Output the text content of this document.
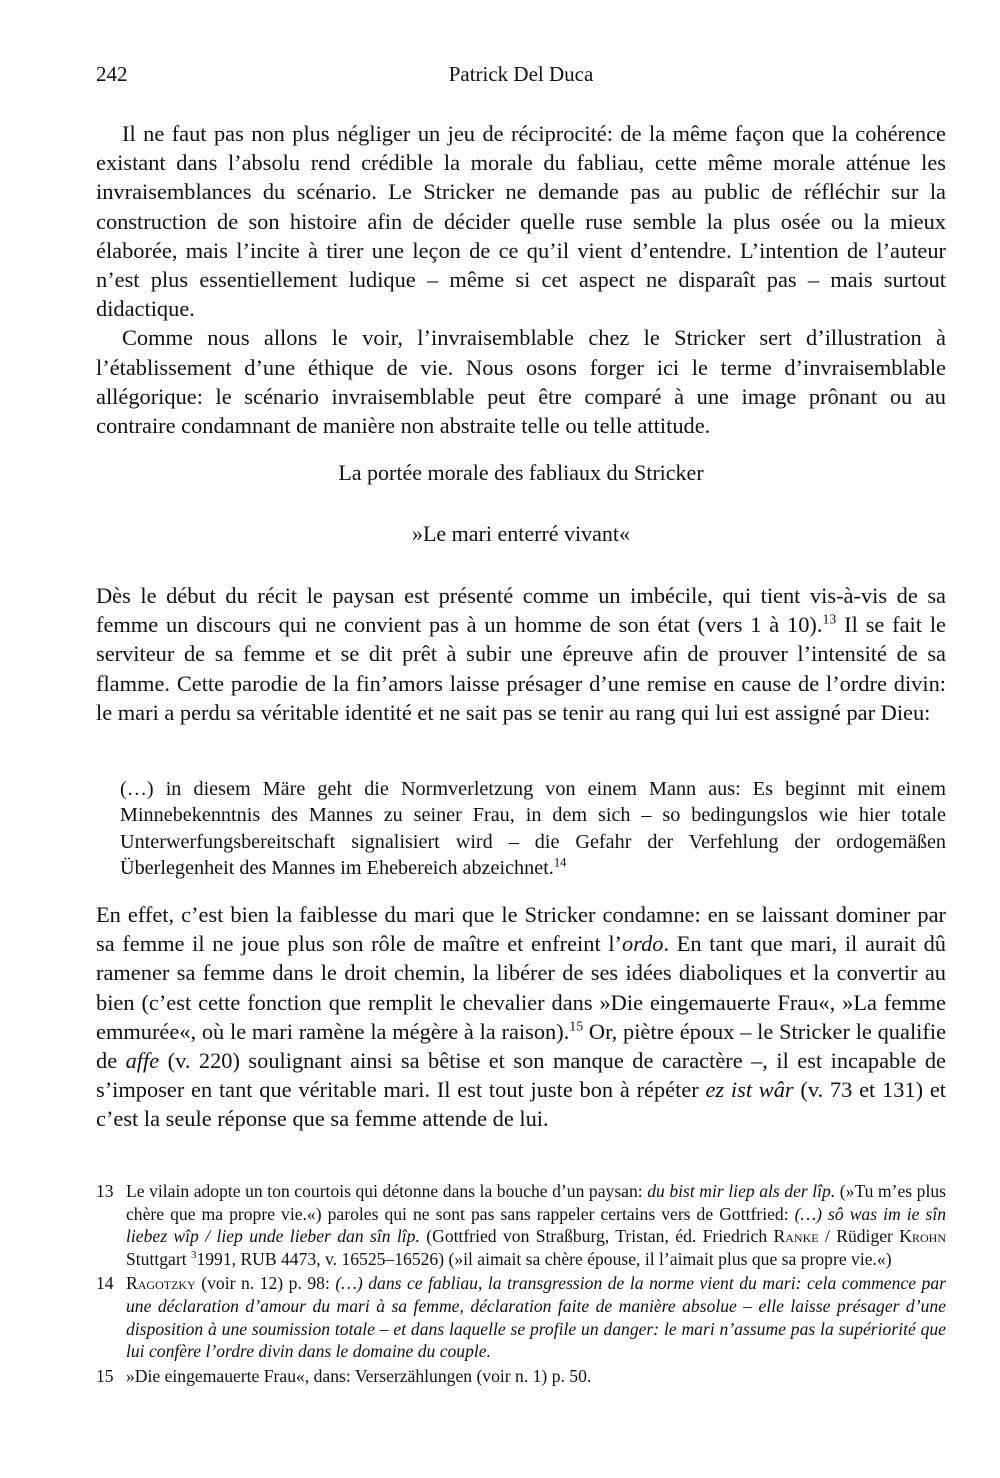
242	Patrick Del Duca

Il ne faut pas non plus négliger un jeu de réciprocité: de la même façon que la cohérence existant dans l’absolu rend crédible la morale du fabliau, cette même morale atténue les invraisemblances du scénario. Le Stricker ne demande pas au public de réfléchir sur la construction de son histoire afin de décider quelle ruse semble la plus osée ou la mieux élaborée, mais l’incite à tirer une leçon de ce qu’il vient d’entendre. L’intention de l’auteur n’est plus essentiellement ludique – même si cet aspect ne disparaît pas – mais surtout didactique.

Comme nous allons le voir, l’invraisemblable chez le Stricker sert d’illustration à l’établissement d’une éthique de vie. Nous osons forger ici le terme d’invraisemblable allégorique: le scénario invraisemblable peut être comparé à une image prônant ou au contraire condamnant de manière non abstraite telle ou telle attitude.

La portée morale des fabliaux du Stricker
»Le mari enterré vivant«

Dès le début du récit le paysan est présenté comme un imbécile, qui tient vis-à-vis de sa femme un discours qui ne convient pas à un homme de son état (vers 1 à 10).$^{13}$ Il se fait le serviteur de sa femme et se dit prêt à subir une épreuve afin de prouver l’intensité de sa flamme. Cette parodie de la fin’amors laisse présager d’une remise en cause de l’ordre divin: le mari a perdu sa véritable identité et ne sait pas se tenir au rang qui lui est assigné par Dieu:

(…) in diesem Märe geht die Normverletzung von einem Mann aus: Es beginnt mit einem Minnebekenntnis des Mannes zu seiner Frau, in dem sich – so bedingungslos wie hier totale Unterwerfungsbereitschaft signalisiert wird – die Gefahr der Verfehlung der ordogemäßen Überlegenheit des Mannes im Ehebereich abzeichnet.$^{14}$

En effet, c’est bien la faiblesse du mari que le Stricker condamne: en se laissant dominer par sa femme il ne joue plus son rôle de maître et enfreint l’ordo. En tant que mari, il aurait dû ramener sa femme dans le droit chemin, la libérer de ses idées diaboliques et la convertir au bien (c’est cette fonction que remplit le chevalier dans »Die eingemauerte Frau«, »La femme emmurée«, où le mari ramène la mégère à la raison).$^{15}$ Or, piètre époux – le Stricker le qualifie de affe (v. 220) soulignant ainsi sa bêtise et son manque de caractère –, il est incapable de s’imposer en tant que véritable mari. Il est tout juste bon à répéter ez ist wâr (v. 73 et 131) et c’est la seule réponse que sa femme attende de lui.

13 Le vilain adopte un ton courtois qui détonne dans la bouche d’un paysan: du bist mir liep als der lîp. (»Tu m’es plus chère que ma propre vie.«) paroles qui ne sont pas sans rappeler certains vers de Gottfried: (…) sô was im ie sîn liebez wîp / liep unde lieber dan sîn lîp. (Gottfried von Straßburg, Tristan, éd. Friedrich Ranke / Rüdiger Krohn Stuttgart $^3$1991, RUB 4473, v. 16525–16526) (»il aimait sa chère épouse, il l’aimait plus que sa propre vie.«)
14 Ragotzky (voir n. 12) p. 98: (…) dans ce fabliau, la transgression de la norme vient du mari: cela commence par une déclaration d’amour du mari à sa femme, déclaration faite de manière absolue – elle laisse présager d’une disposition à une soumission totale – et dans laquelle se profile un danger: le mari n’assume pas la supériorité que lui confère l’ordre divin dans le domaine du couple.
15 »Die eingemauerte Frau«, dans: Verserzählungen (voir n. 1) p. 50.
